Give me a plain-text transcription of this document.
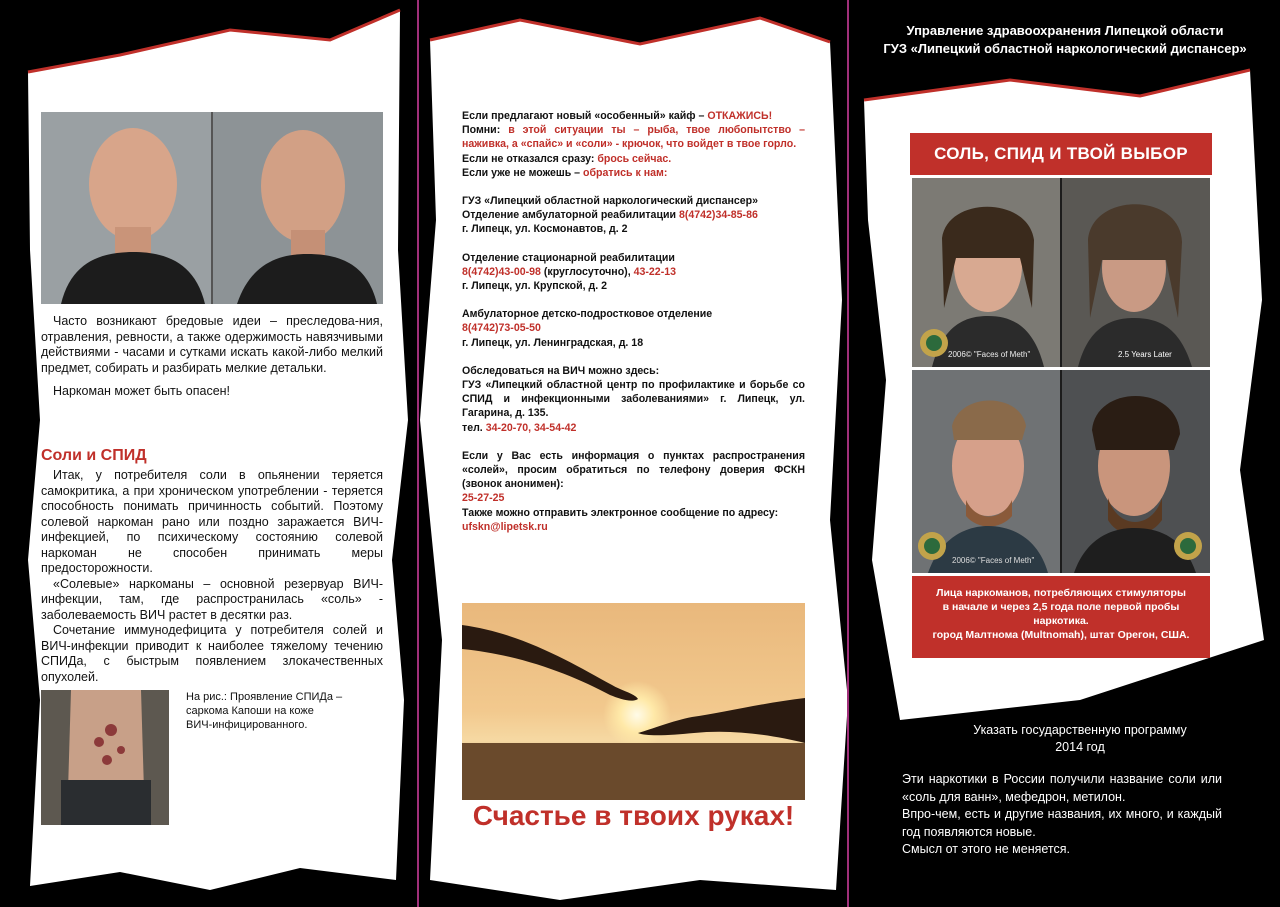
Часто возникают бредовые идеи – преследова-ния, отравления, ревности, а также одержимость навязчивыми действиями - часами и сутками искать какой-либо мелкий предмет, собирать и разбирать мелкие детальки.

Наркоман может быть опасен!

Соли и СПИД

Итак, у потребителя соли в опьянении теряется самокритика, а при хроническом употреблении - теряется способность понимать причинность событий. Поэтому солевой наркоман рано или поздно заражается ВИЧ-инфекцией, по психическому состоянию солевой наркоман не способен принимать меры предосторожности.

«Солевые» наркоманы – основной резервуар ВИЧ-инфекции, там, где распространилась «соль» - заболеваемость ВИЧ растет в десятки раз.

Сочетание иммунодефицита у потребителя солей и ВИЧ-инфекции приводит к наиболее тяжелому течению СПИДа, с быстрым появлением злокачественных опухолей.

На рис.: Проявление СПИДа –
саркома Капоши на коже
ВИЧ-инфицированного.
Если предлагают новый «особенный» кайф – ОТКАЖИСЬ!
Помни: в этой ситуации ты – рыба, твое любопытство – наживка, а «спайс» и «соли» - крючок, что войдет в твое горло.
Если не отказался сразу: брось сейчас.
Если уже не можешь – обратись к нам:
ГУЗ «Липецкий областной наркологический диспансер»
Отделение амбулаторной реабилитации 8(4742)34-85-86
г. Липецк, ул. Космонавтов, д. 2
Отделение стационарной реабилитации
8(4742)43-00-98 (круглосуточно), 43-22-13
г. Липецк, ул. Крупской, д. 2
Амбулаторное детско-подростковое отделение
8(4742)73-05-50
г. Липецк, ул. Ленинградская, д. 18
Обследоваться на ВИЧ можно здесь:
ГУЗ «Липецкий областной центр по профилактике и борьбе со СПИД и инфекционными заболеваниями» г. Липецк, ул. Гагарина, д. 135.
тел. 34-20-70, 34-54-42
Если у Вас есть информация о пунктах распространения «солей», просим обратиться по телефону доверия ФСКН (звонок анонимен):
25-27-25
Также можно отправить электронное сообщение по адресу:
ufskn@lipetsk.ru
Счастье в твоих руках!
Управление здравоохранения Липецкой области
ГУЗ «Липецкий областной наркологический диспансер»
СОЛЬ, СПИД И ТВОЙ ВЫБОР
2006© "Faces of Meth"	2.5 Years Later
2006© "Faces of Meth"
Лица наркоманов, потребляющих стимуляторы
в начале и через 2,5 года поле первой пробы
наркотика.
город Малтнома (Multnomah), штат Орегон, США.
Указать государственную программу
2014 год
Эти наркотики в России получили название соли или «соль для ванн», мефедрон, метилон.
Впро-чем, есть и другие названия, их много, и каждый год появляются новые.
Смысл от этого не меняется.
